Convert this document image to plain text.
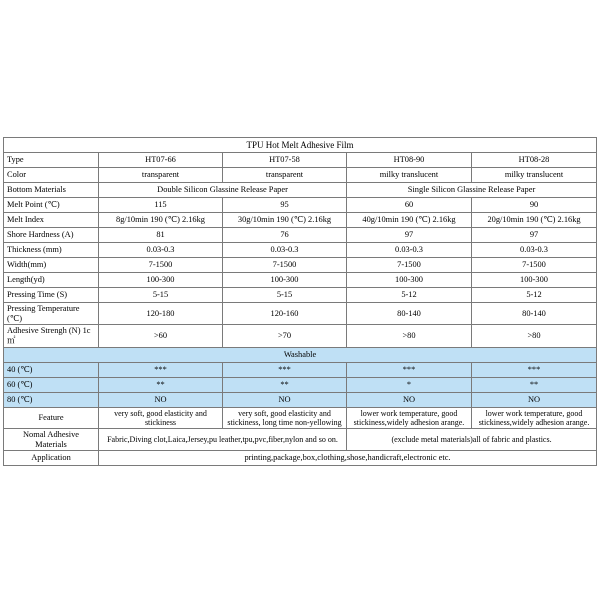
TPU Hot Melt Adhesive Film				
Type	HT07-66	HT07-58	HT08-90	HT08-28
Color	transparent	transparent	milky translucent	milky translucent
Bottom Materials	Double Silicon Glassine Release Paper		Single Silicon Glassine Release Paper	
Melt Point (℃)	115	95	60	90
Melt Index	8g/10min 190 (℃) 2.16kg	30g/10min 190 (℃) 2.16kg	40g/10min 190 (℃) 2.16kg	20g/10min 190 (℃) 2.16kg
Shore Hardness (A)	81	76	97	97
Thickness (mm)	0.03-0.3	0.03-0.3	0.03-0.3	0.03-0.3
Width(mm)	7-1500	7-1500	7-1500	7-1500
Length(yd)	100-300	100-300	100-300	100-300
Pressing Time (S)	5-15	5-15	5-12	5-12
Pressing Temperature (℃)	120-180	120-160	80-140	80-140
Adhesive Strengh (N) 1c㎡	>60	>70	>80	>80
Washable				
40 (℃)	***	***	***	***
60 (℃)	**	**	*	**
80 (℃)	NO	NO	NO	NO
Feature	very soft, good elasticity and stickiness	very soft, good elasticity and stickiness, long time non-yellowing	lower work temperature, good stickiness,widely adhesion arange.	lower work temperature, good stickiness,widely adhesion arange.
Nomal Adhesive Materials	Fabric,Diving clot,Laica,Jersey,pu leather,tpu,pvc,fiber,nylon and so on.		(exclude metal materials)all of fabric and plastics.	
Application	printing,package,box,clothing,shose,handicraft,electronic etc.			
